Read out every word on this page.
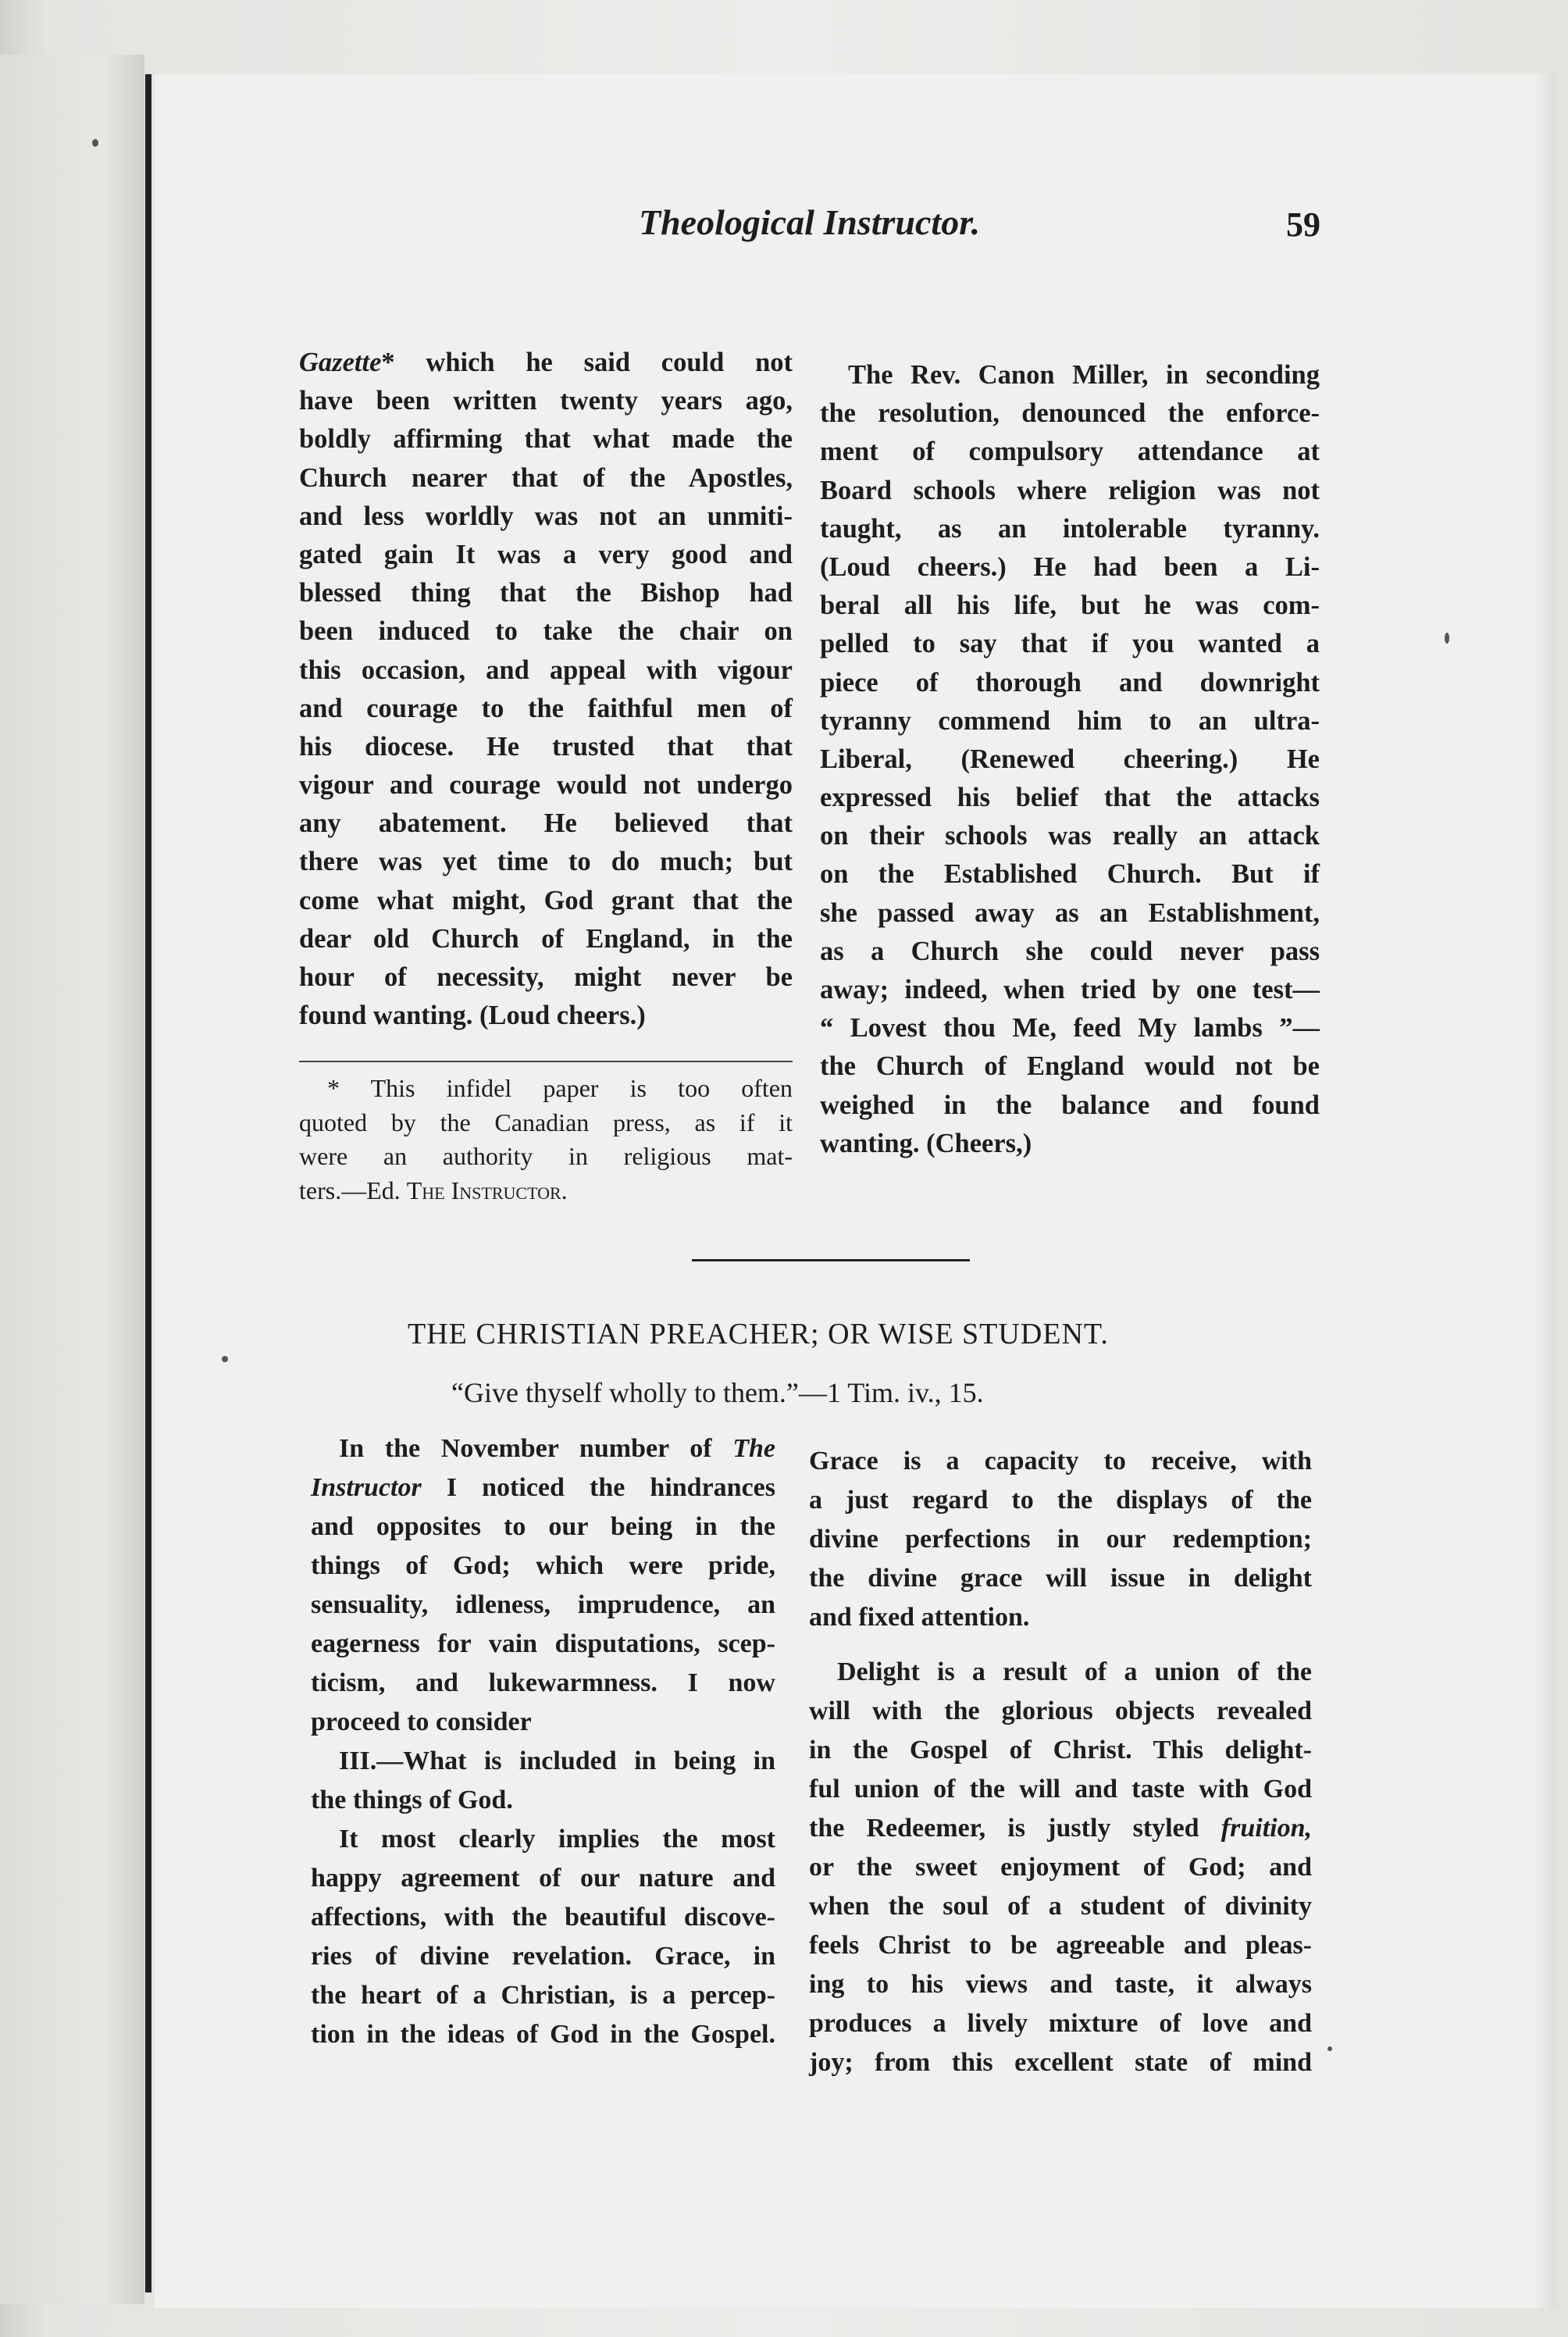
Theological Instructor.	59
Gazette* which he said could not
have been written twenty years ago,
boldly affirming that what made the
Church nearer that of the Apostles,
and less worldly was not an unmiti-
gated gain It was a very good and
blessed thing that the Bishop had
been induced to take the chair on
this occasion, and appeal with vigour
and courage to the faithful men of
his diocese. He trusted that that
vigour and courage would not undergo
any abatement. He believed that
there was yet time to do much; but
come what might, God grant that the
dear old Church of England, in the
hour of necessity, might never be
found wanting. (Loud cheers.)
* This infidel paper is too often
quoted by the Canadian press, as if it
were an authority in religious mat-
ters.—Ed. The Instructor.
The Rev. Canon Miller, in seconding
the resolution, denounced the enforce-
ment of compulsory attendance at
Board schools where religion was not
taught, as an intolerable tyranny.
(Loud cheers.) He had been a Li-
beral all his life, but he was com-
pelled to say that if you wanted a
piece of thorough and downright
tyranny commend him to an ultra-
Liberal, (Renewed cheering.) He
expressed his belief that the attacks
on their schools was really an attack
on the Established Church. But if
she passed away as an Establishment,
as a Church she could never pass
away; indeed, when tried by one test—
“ Lovest thou Me, feed My lambs ”—
the Church of England would not be
weighed in the balance and found
wanting. (Cheers,)
THE CHRISTIAN PREACHER; OR WISE STUDENT.
“Give thyself wholly to them.”—1 Tim. iv., 15.
In the November number of The
Instructor I noticed the hindrances
and opposites to our being in the
things of God; which were pride,
sensuality, idleness, imprudence, an
eagerness for vain disputations, scep-
ticism, and lukewarmness. I now
proceed to consider
III.—What is included in being in
the things of God.
It most clearly implies the most
happy agreement of our nature and
affections, with the beautiful discove-
ries of divine revelation. Grace, in
the heart of a Christian, is a percep-
tion in the ideas of God in the Gospel.
Grace is a capacity to receive, with
a just regard to the displays of the
divine perfections in our redemption;
the divine grace will issue in delight
and fixed attention.
Delight is a result of a union of the
will with the glorious objects revealed
in the Gospel of Christ. This delight-
ful union of the will and taste with God
the Redeemer, is justly styled fruition,
or the sweet enjoyment of God; and
when the soul of a student of divinity
feels Christ to be agreeable and pleas-
ing to his views and taste, it always
produces a lively mixture of love and
joy; from this excellent state of mind
